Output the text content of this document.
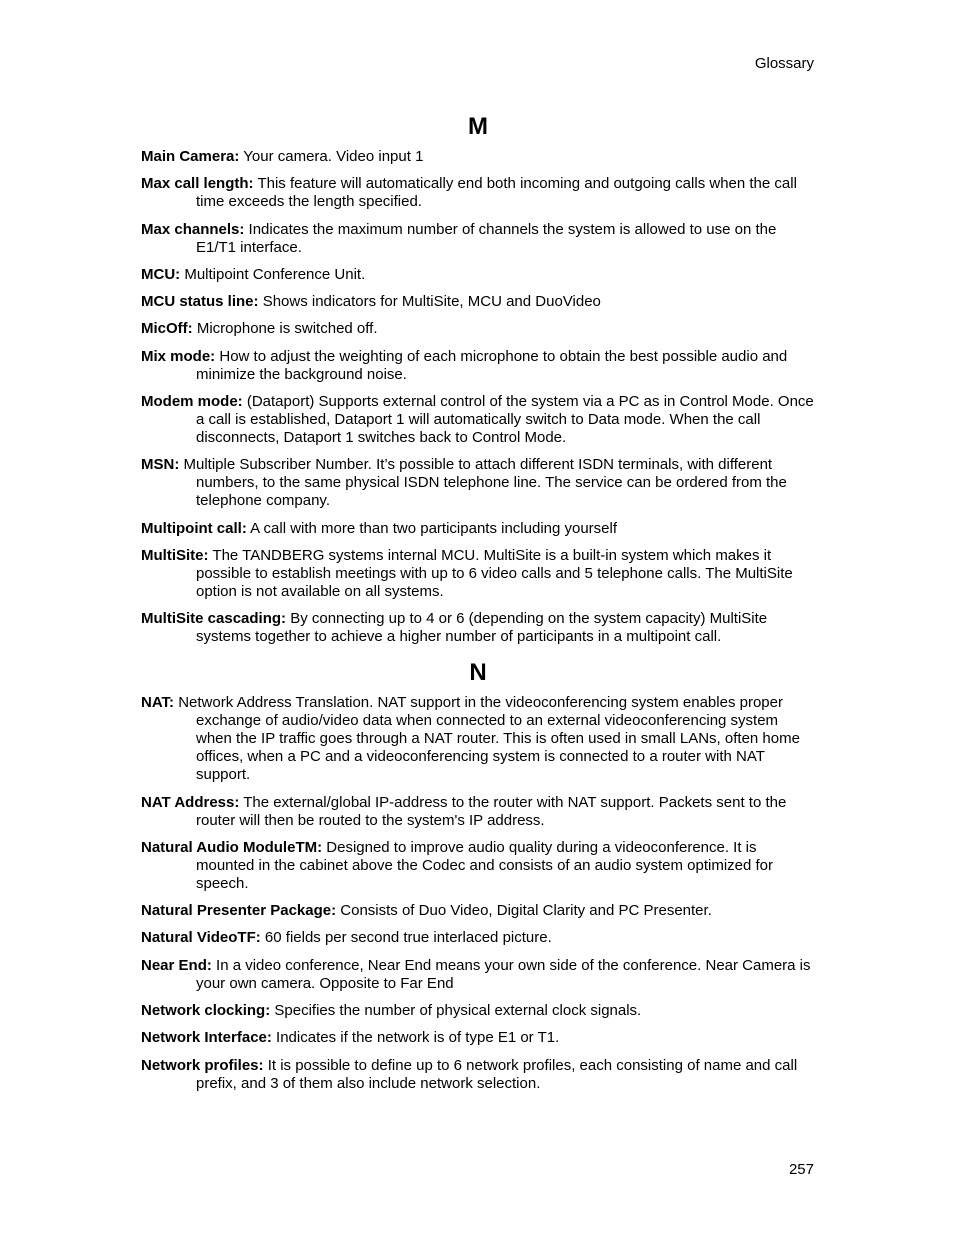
Glossary
M
Main Camera: Your camera. Video input 1
Max call length: This feature will automatically end both incoming and outgoing calls when the call time exceeds the length specified.
Max channels: Indicates the maximum number of channels the system is allowed to use on the E1/T1 interface.
MCU: Multipoint Conference Unit.
MCU status line: Shows indicators for MultiSite, MCU and DuoVideo
MicOff: Microphone is switched off.
Mix mode: How to adjust the weighting of each microphone to obtain the best possible audio and minimize the background noise.
Modem mode: (Dataport) Supports external control of the system via a PC as in Control Mode. Once a call is established, Dataport 1 will automatically switch to Data mode. When the call disconnects, Dataport 1 switches back to Control Mode.
MSN: Multiple Subscriber Number. It’s possible to attach different ISDN terminals, with different numbers, to the same physical ISDN telephone line. The service can be ordered from the telephone company.
Multipoint call: A call with more than two participants including yourself
MultiSite: The TANDBERG systems internal MCU. MultiSite is a built-in system which makes it possible to establish meetings with up to 6 video calls and 5 telephone calls. The MultiSite option is not available on all systems.
MultiSite cascading: By connecting up to 4 or 6 (depending on the system capacity) MultiSite systems together to achieve a higher number of participants in a multipoint call.
N
NAT: Network Address Translation. NAT support in the videoconferencing system enables proper exchange of audio/video data when connected to an external videoconferencing system when the IP traffic goes through a NAT router. This is often used in small LANs, often home offices, when a PC and a videoconferencing system is connected to a router with NAT support.
NAT Address: The external/global IP-address to the router with NAT support. Packets sent to the router will then be routed to the system's IP address.
Natural Audio ModuleTM: Designed to improve audio quality during a videoconference. It is mounted in the cabinet above the Codec and consists of an audio system optimized for speech.
Natural Presenter Package: Consists of Duo Video, Digital Clarity and PC Presenter.
Natural VideoTF: 60 fields per second true interlaced picture.
Near End: In a video conference, Near End means your own side of the conference. Near Camera is your own camera. Opposite to Far End
Network clocking: Specifies the number of physical external clock signals.
Network Interface: Indicates if the network is of type E1 or T1.
Network profiles: It is possible to define up to 6 network profiles, each consisting of name and call prefix, and 3 of them also include network selection.
257
